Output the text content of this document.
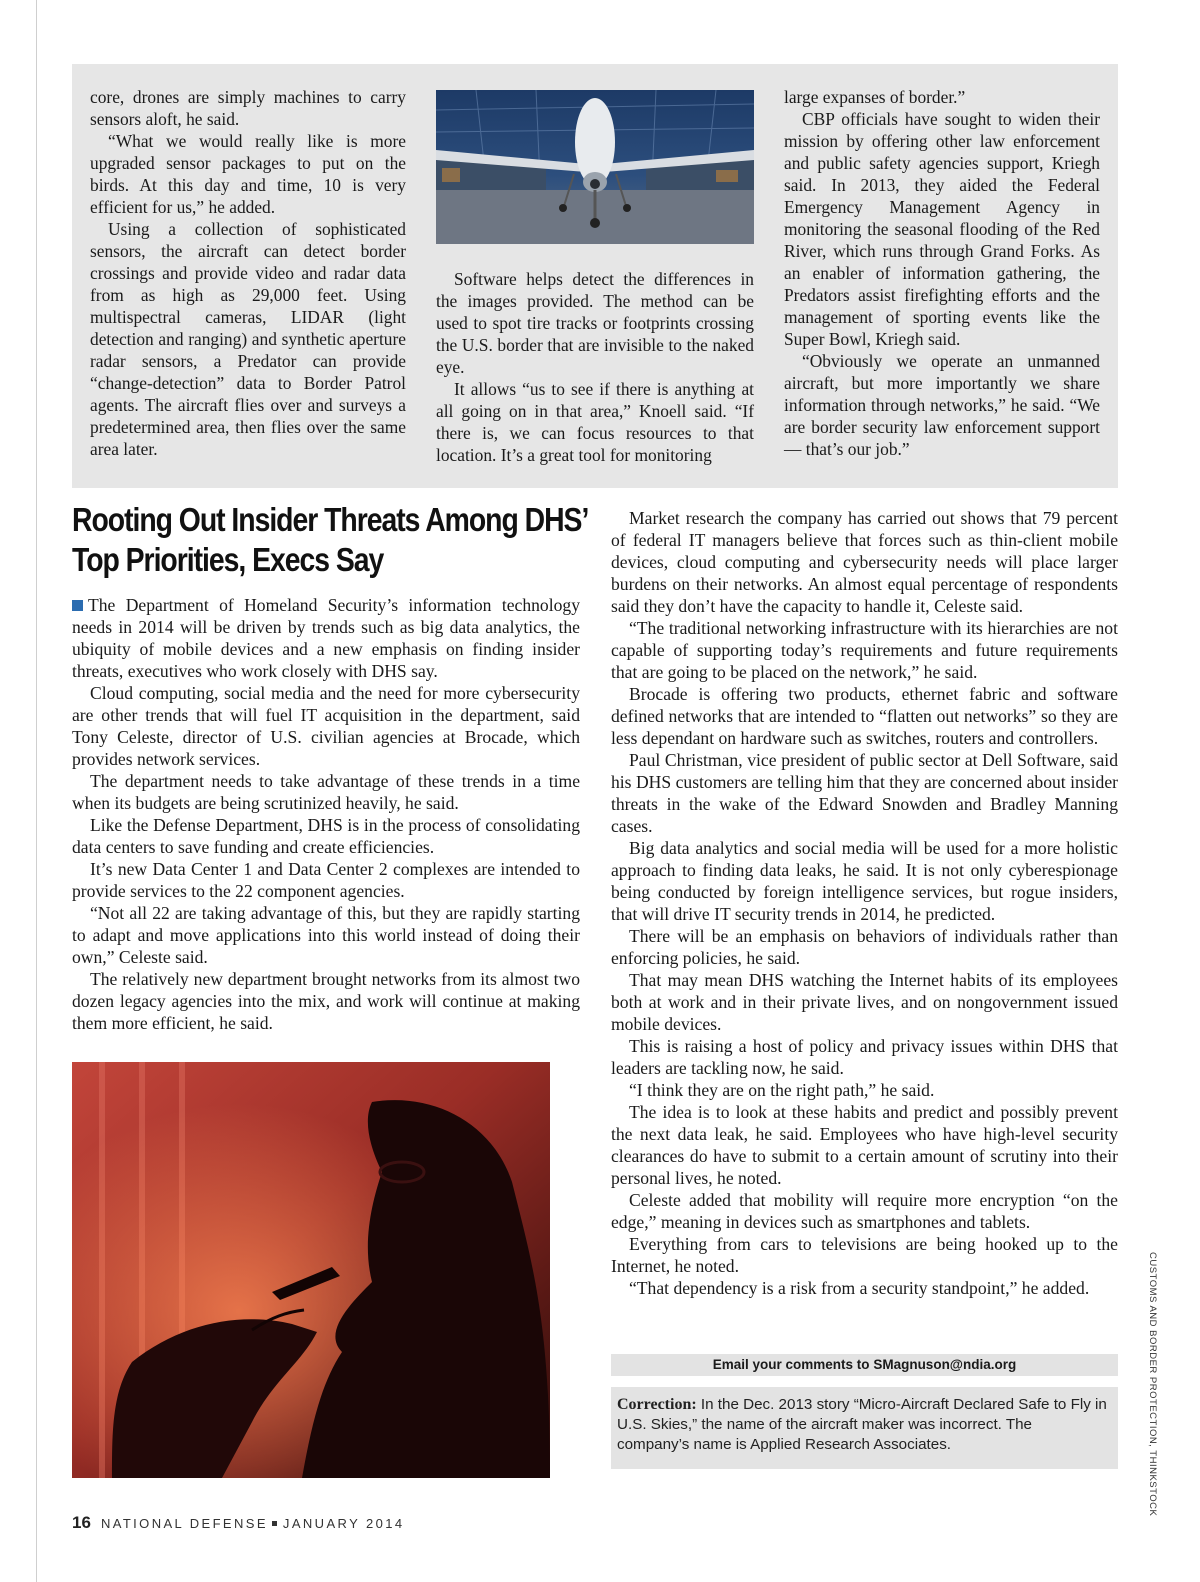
core, drones are simply machines to carry sensors aloft, he said.

“What we would really like is more upgraded sensor packages to put on the birds. At this day and time, 10 is very efficient for us,” he added.

Using a collection of sophisticated sensors, the aircraft can detect border crossings and provide video and radar data from as high as 29,000 feet. Using multispectral cameras, LIDAR (light detection and ranging) and synthetic aperture radar sensors, a Predator can provide “change-detection” data to Border Patrol agents. The aircraft flies over and surveys a predetermined area, then flies over the same area later.

Software helps detect the differences in the images provided. The method can be used to spot tire tracks or footprints crossing the U.S. border that are invisible to the naked eye.

It allows “us to see if there is anything at all going on in that area,” Knoell said. “If there is, we can focus resources to that location. It’s a great tool for monitoring

large expanses of border.”

CBP officials have sought to widen their mission by offering other law enforcement and public safety agencies support, Kriegh said. In 2013, they aided the Federal Emergency Management Agency in monitoring the seasonal flooding of the Red River, which runs through Grand Forks. As an enabler of information gathering, the Predators assist firefighting efforts and the management of sporting events like the Super Bowl, Kriegh said.

“Obviously we operate an unmanned aircraft, but more importantly we share information through networks,” he said. “We are border security law enforcement support — that’s our job.”

Rooting Out Insider Threats Among DHS’ Top Priorities, Execs Say

The Department of Homeland Security’s information technology needs in 2014 will be driven by trends such as big data analytics, the ubiquity of mobile devices and a new emphasis on finding insider threats, executives who work closely with DHS say.

Cloud computing, social media and the need for more cybersecurity are other trends that will fuel IT acquisition in the department, said Tony Celeste, director of U.S. civilian agencies at Brocade, which provides network services.

The department needs to take advantage of these trends in a time when its budgets are being scrutinized heavily, he said.

Like the Defense Department, DHS is in the process of consolidating data centers to save funding and create efficiencies.

It’s new Data Center 1 and Data Center 2 complexes are intended to provide services to the 22 component agencies.

“Not all 22 are taking advantage of this, but they are rapidly starting to adapt and move applications into this world instead of doing their own,” Celeste said.

The relatively new department brought networks from its almost two dozen legacy agencies into the mix, and work will continue at making them more efficient, he said.

Market research the company has carried out shows that 79 percent of federal IT managers believe that forces such as thin-client mobile devices, cloud computing and cybersecurity needs will place larger burdens on their networks. An almost equal percentage of respondents said they don’t have the capacity to handle it, Celeste said.

“The traditional networking infrastructure with its hierarchies are not capable of supporting today’s requirements and future requirements that are going to be placed on the network,” he said.

Brocade is offering two products, ethernet fabric and software defined networks that are intended to “flatten out networks” so they are less dependant on hardware such as switches, routers and controllers.

Paul Christman, vice president of public sector at Dell Software, said his DHS customers are telling him that they are concerned about insider threats in the wake of the Edward Snowden and Bradley Manning cases.

Big data analytics and social media will be used for a more holistic approach to finding data leaks, he said. It is not only cyberespionage being conducted by foreign intelligence services, but rogue insiders, that will drive IT security trends in 2014, he predicted.

There will be an emphasis on behaviors of individuals rather than enforcing policies, he said.

That may mean DHS watching the Internet habits of its employees both at work and in their private lives, and on nongovernment issued mobile devices.

This is raising a host of policy and privacy issues within DHS that leaders are tackling now, he said.

“I think they are on the right path,” he said.

The idea is to look at these habits and predict and possibly prevent the next data leak, he said. Employees who have high-level security clearances do have to submit to a certain amount of scrutiny into their personal lives, he noted.

Celeste added that mobility will require more encryption “on the edge,” meaning in devices such as smartphones and tablets.

Everything from cars to televisions are being hooked up to the Internet, he noted.

“That dependency is a risk from a security standpoint,” he added.

Email your comments to SMagnuson@ndia.org
Correction: In the Dec. 2013 story “Micro-Aircraft Declared Safe to Fly in U.S. Skies,” the name of the aircraft maker was incorrect. The company’s name is Applied Research Associates.	CUSTOMS AND BORDER PROTECTION, THINKSTOCK
16 NATIONAL DEFENSE JANUARY 2014
